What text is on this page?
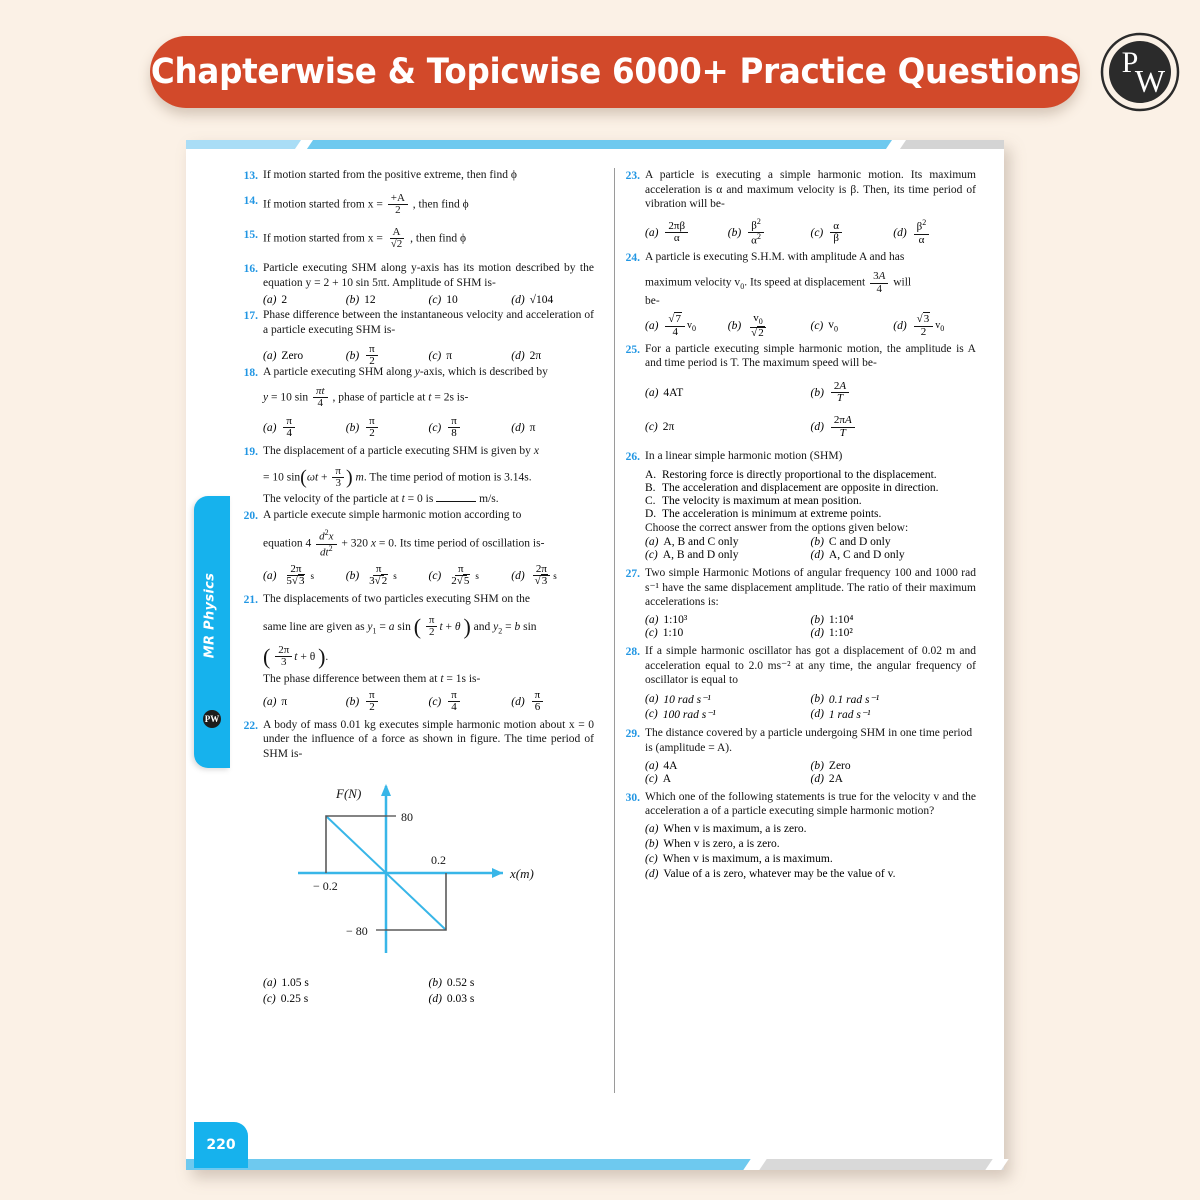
Chapterwise & Topicwise 6000+ Practice Questions P
W
MR Physics
PW
220
13. If motion started from the positive extreme, then find ϕ
14. If motion started from $x = \frac{+A}{2}$ , then find ϕ
15. If motion started from $x = \frac{A}{√2}$ , then find ϕ
16. Particle executing SHM along y-axis has its motion described by the equation y = 2 + 10 sin 5πt. Amplitude of SHM is-
(a) 2	(b) 12	(c) 10	(d) √104
17. Phase difference between the instantaneous velocity and acceleration of a particle executing SHM is-
(a) Zero	$(b) \frac{\pi}{2}$	(c) π	(d) 2π
18. A particle executing SHM along y-axis, which is described by
y = 10 $\sin \frac{\pi t}{4}$ , phase of particle at t = 2s is-
$(a) \frac{\pi}{4}$	$(b) \frac{\pi}{2}$	$(c) \frac{\pi}{8}$	(d) π
19. The displacement of a particle executing SHM is given by x
= 10 $\sin(\omega t + \frac{\pi}{3}$ ) m. The time period of motion is 3.14s.
The velocity of the particle at t = 0 is	m/s.
20. A particle execute simple harmonic motion according to
equation $4 \frac{d^2x}{dt^2} + 320$ x = 0. Its time period of oscillation is-
$(a) \frac{2\pi}{5√3}$ s	$(b) \frac{\pi}{3√2}$ s	$(c) \frac{\pi}{2√5}$ s	$(d) \frac{2\pi}{√3}$ s
21. The displacements of two particles executing SHM on the
same line are given as $y_1 = a$ sin ( $\frac{\pi}{2}$ t + θ ) and $y_2 = b$ sin
( $\frac{2\pi}{3}$ t + θ ).
The phase difference between them at t = 1s is-
(a) π	$(b) \frac{\pi}{2}$	$(c) \frac{\pi}{4}$	$(d) \frac{\pi}{6}$
22. A body of mass 0.01 kg executes simple harmonic motion about x = 0 under the influence of a force as shown in figure. The time period of SHM is-
F(N)
x(m)
80
− 80
0.2
− 0.2
(a) 1.05 s	(b) 0.52 s
(c) 0.25 s	(d) 0.03 s
23. A particle is executing a simple harmonic motion. Its maximum acceleration is α and maximum velocity is β. Then, its time period of vibration will be-
$(a) \frac{2\pi\beta}{\alpha}$	$(b) \frac{\beta^2}{\alpha^2}$	$(c) \frac{\alpha}{\beta}$	$(d) \frac{\beta^2}{\alpha}$
24. A particle is executing S.H.M. with amplitude A and has
maximum velocity $v_0$. Its speed at displacement $\frac{3A}{4}$ will
be-
$(a) \frac{√7}{4} v_0$	$(b) \frac{v_0}{√2}$	(c) $v_0$	$(d) \frac{√3}{2} v_0$
25. For a particle executing simple harmonic motion, the amplitude is A and time period is T. The maximum speed will be-
(a) 4AT	$(b) \frac{2A}{T}$
(c) 2π	$(d) \frac{2\pi A}{T}$
26. In a linear simple harmonic motion (SHM)
A. Restoring force is directly proportional to the displacement.
B. The acceleration and displacement are opposite in direction.
C. The velocity is maximum at mean position.
D. The acceleration is minimum at extreme points.
Choose the correct answer from the options given below:
(a) A, B and C only	(b) C and D only
(c) A, B and D only	(d) A, C and D only
27. Two simple Harmonic Motions of angular frequency 100 and 1000 rad s⁻¹ have the same displacement amplitude. The ratio of their maximum accelerations is:
(a) 1:10³	(b) 1:10⁴
(c) 1:10	(d) 1:10²
28. If a simple harmonic oscillator has got a displacement of 0.02 m and acceleration equal to 2.0 ms⁻² at any time, the angular frequency of oscillator is equal to
(a) 10 rad s⁻¹	(b) 0.1 rad s⁻¹
(c) 100 rad s⁻¹	(d) 1 rad s⁻¹
29. The distance covered by a particle undergoing SHM in one time period is (amplitude = A).
(a) 4A	(b) Zero
(c) A	(d) 2A
30. Which one of the following statements is true for the velocity v and the acceleration a of a particle executing simple harmonic motion?
(a) When v is maximum, a is zero.
(b) When v is zero, a is zero.
(c) When v is maximum, a is maximum.
(d) Value of a is zero, whatever may be the value of v.
